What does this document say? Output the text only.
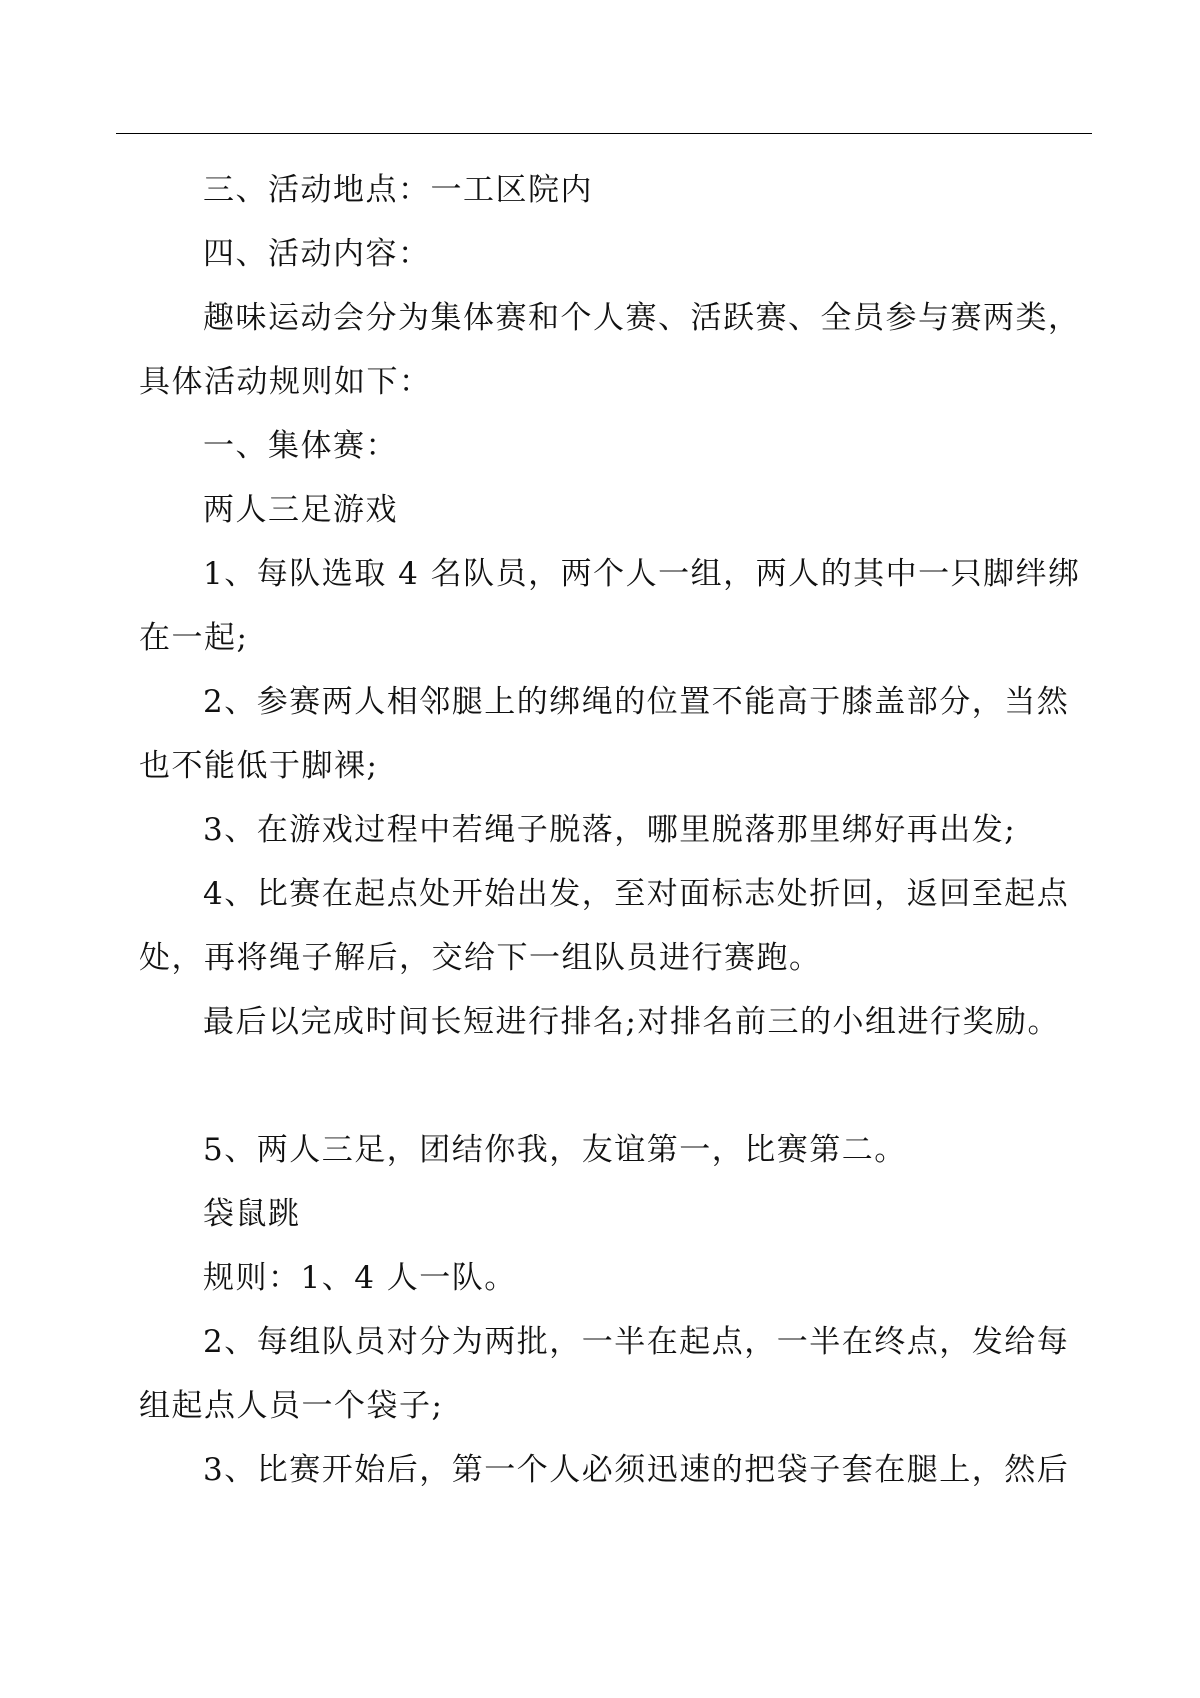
三、活动地点：一工区院内
四、活动内容：
趣味运动会分为集体赛和个人赛、活跃赛、全员参与赛两类，
具体活动规则如下：
一、集体赛：
两人三足游戏
1、每队选取 4 名队员，两个人一组，两人的其中一只脚绊绑
在一起;
2、参赛两人相邻腿上的绑绳的位置不能高于膝盖部分，当然
也不能低于脚裸;
3、在游戏过程中若绳子脱落，哪里脱落那里绑好再出发;
4、比赛在起点处开始出发，至对面标志处折回，返回至起点
处，再将绳子解后，交给下一组队员进行赛跑。
最后以完成时间长短进行排名;对排名前三的小组进行奖励。
5、两人三足，团结你我，友谊第一，比赛第二。
袋鼠跳
规则：1、4 人一队。
2、每组队员对分为两批，一半在起点，一半在终点，发给每
组起点人员一个袋子;
3、比赛开始后，第一个人必须迅速的把袋子套在腿上，然后
